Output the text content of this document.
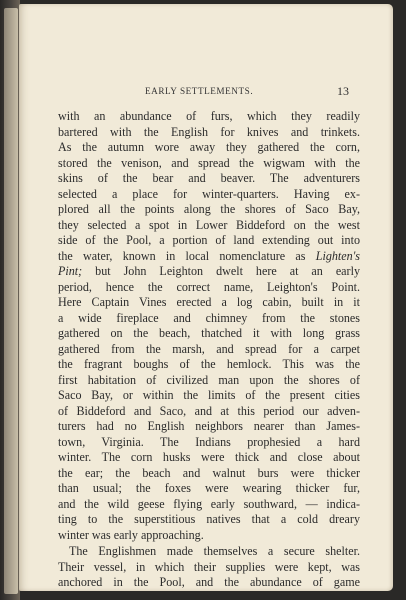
EARLY SETTLEMENTS.	13
with an abundance of furs, which they readily
bartered with the English for knives and trinkets.
As the autumn wore away they gathered the corn,
stored the venison, and spread the wigwam with the
skins of the bear and beaver. The adventurers
selected a place for winter-quarters. Having ex-
plored all the points along the shores of Saco Bay,
they selected a spot in Lower Biddeford on the west
side of the Pool, a portion of land extending out into
the water, known in local nomenclature as Lighten's
Pint; but John Leighton dwelt here at an early
period, hence the correct name, Leighton's Point.
Here Captain Vines erected a log cabin, built in it
a wide fireplace and chimney from the stones
gathered on the beach, thatched it with long grass
gathered from the marsh, and spread for a carpet
the fragrant boughs of the hemlock. This was the
first habitation of civilized man upon the shores of
Saco Bay, or within the limits of the present cities
of Biddeford and Saco, and at this period our adven-
turers had no English neighbors nearer than James-
town, Virginia. The Indians prophesied a hard
winter. The corn husks were thick and close about
the ear; the beach and walnut burs were thicker
than usual; the foxes were wearing thicker fur,
and the wild geese flying early southward, — indica-
ting to the superstitious natives that a cold dreary
winter was early approaching.
The Englishmen made themselves a secure shelter.
Their vessel, in which their supplies were kept, was
anchored in the Pool, and the abundance of game
